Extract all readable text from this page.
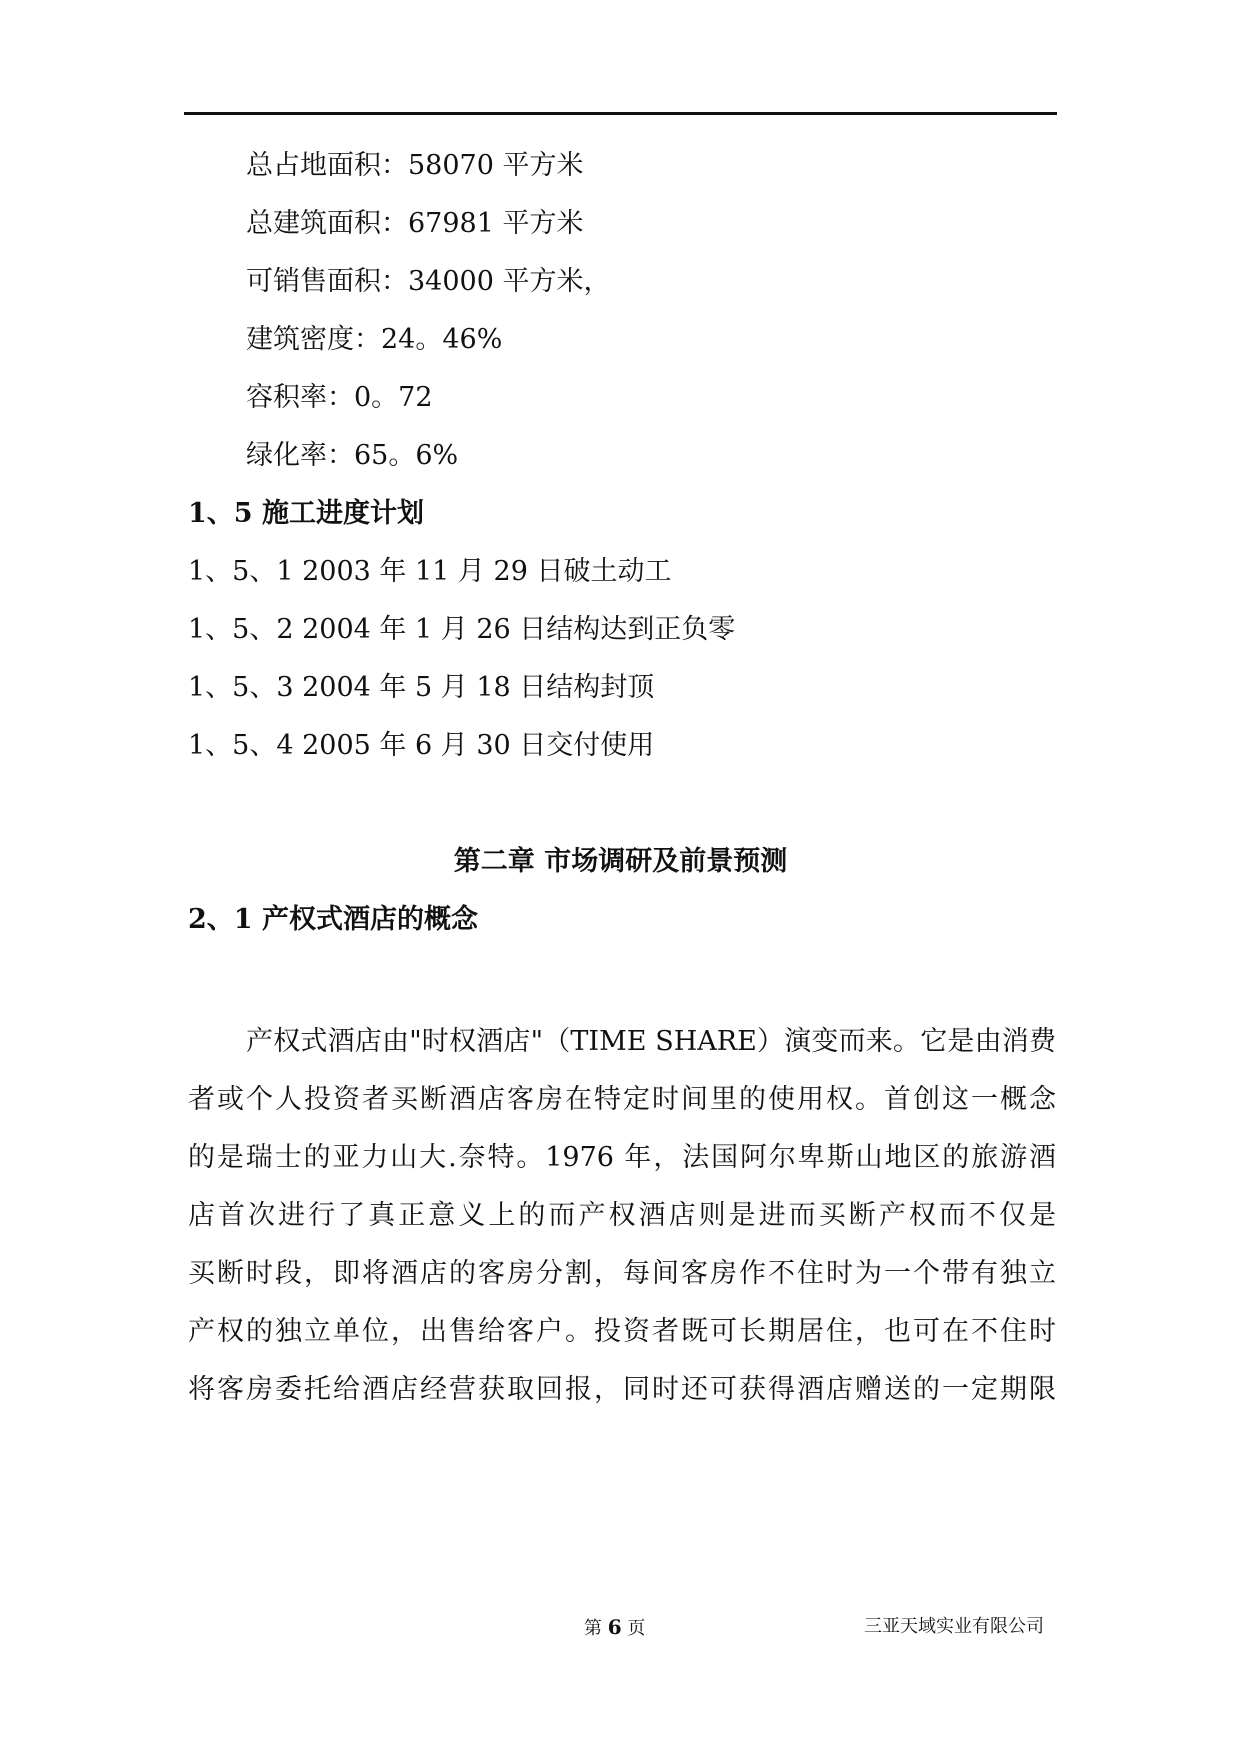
总占地面积：58070 平方米
总建筑面积：67981 平方米
可销售面积：34000 平方米，
建筑密度：24。46%
容积率：0。72
绿化率：65。6%
1、5 施工进度计划
1、5、1 2003 年 11 月 29 日破土动工
1、5、2 2004 年 1 月 26 日结构达到正负零
1、5、3 2004 年 5 月 18 日结构封顶
1、5、4 2005 年 6 月 30 日交付使用
第二章 市场调研及前景预测
2、1 产权式酒店的概念
产权式酒店由"时权酒店"（TIME SHARE）演变而来。它是由消费
者或个人投资者买断酒店客房在特定时间里的使用权。首创这一概念
的是瑞士的亚力山大.奈特。1976 年，法国阿尔卑斯山地区的旅游酒
店首次进行了真正意义上的而产权酒店则是进而买断产权而不仅是
买断时段，即将酒店的客房分割，每间客房作不住时为一个带有独立
产权的独立单位，出售给客户。投资者既可长期居住，也可在不住时
将客房委托给酒店经营获取回报，同时还可获得酒店赠送的一定期限
第 6 页	三亚天域实业有限公司
